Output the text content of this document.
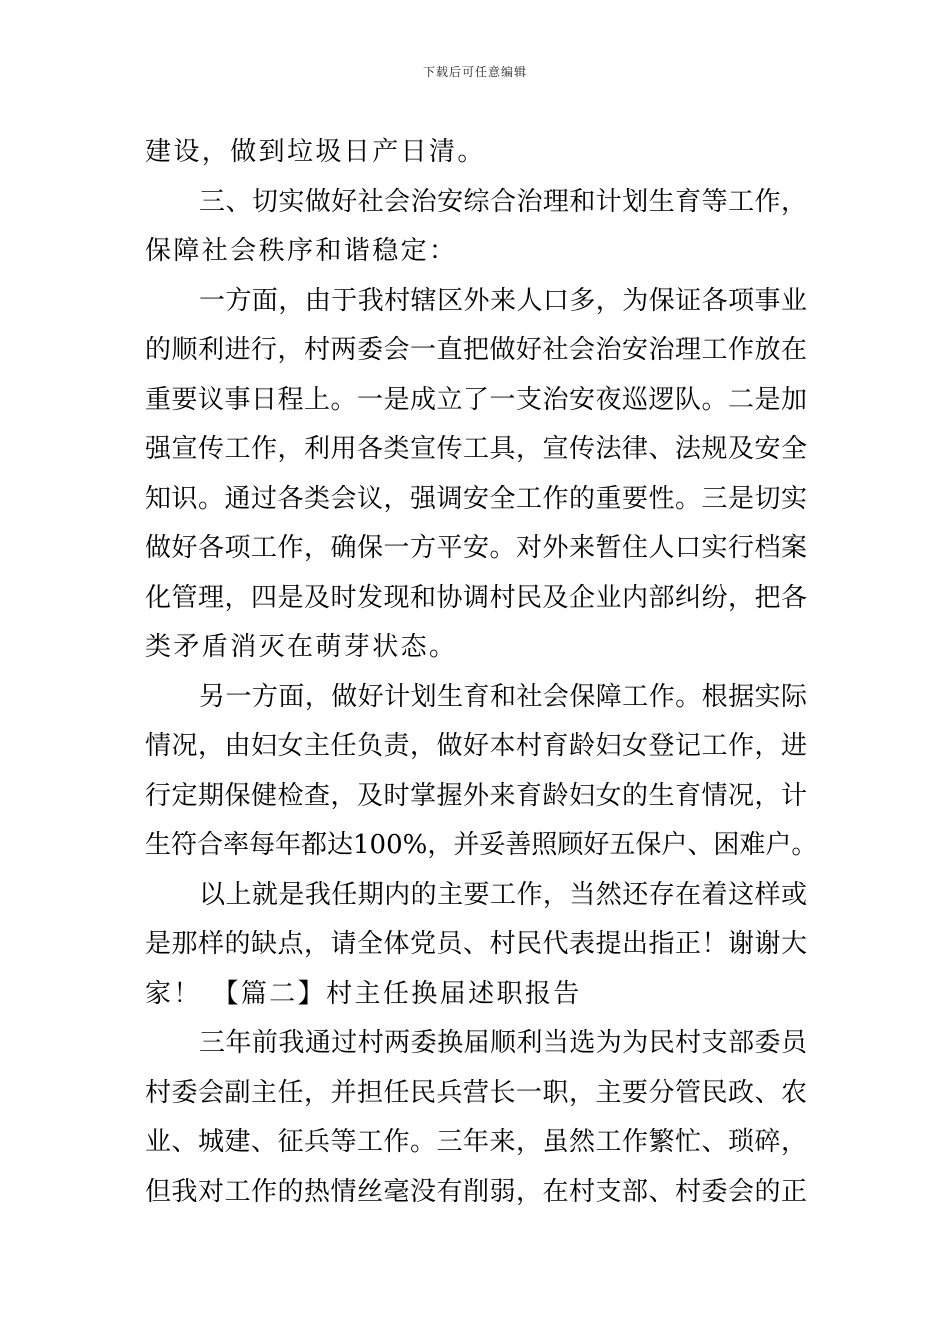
下载后可任意编辑
建设，做到垃圾日产日清。
三、切实做好社会治安综合治理和计划生育等工作，
保障社会秩序和谐稳定：
一方面，由于我村辖区外来人口多，为保证各项事业
的顺利进行，村两委会一直把做好社会治安治理工作放在
重要议事日程上。一是成立了一支治安夜巡逻队。二是加
强宣传工作，利用各类宣传工具，宣传法律、法规及安全
知识。通过各类会议，强调安全工作的重要性。三是切实
做好各项工作，确保一方平安。对外来暂住人口实行档案
化管理，四是及时发现和协调村民及企业内部纠纷，把各
类矛盾消灭在萌芽状态。
另一方面，做好计划生育和社会保障工作。根据实际
情况，由妇女主任负责，做好本村育龄妇女登记工作，进
行定期保健检查，及时掌握外来育龄妇女的生育情况，计
生符合率每年都达100%，并妥善照顾好五保户、困难户。
以上就是我任期内的主要工作，当然还存在着这样或
是那样的缺点，请全体党员、村民代表提出指正！谢谢大
家！ 【篇二】村主任换届述职报告
三年前我通过村两委换届顺利当选为为民村支部委员
村委会副主任，并担任民兵营长一职，主要分管民政、农
业、城建、征兵等工作。三年来，虽然工作繁忙、琐碎，
但我对工作的热情丝毫没有削弱，在村支部、村委会的正
